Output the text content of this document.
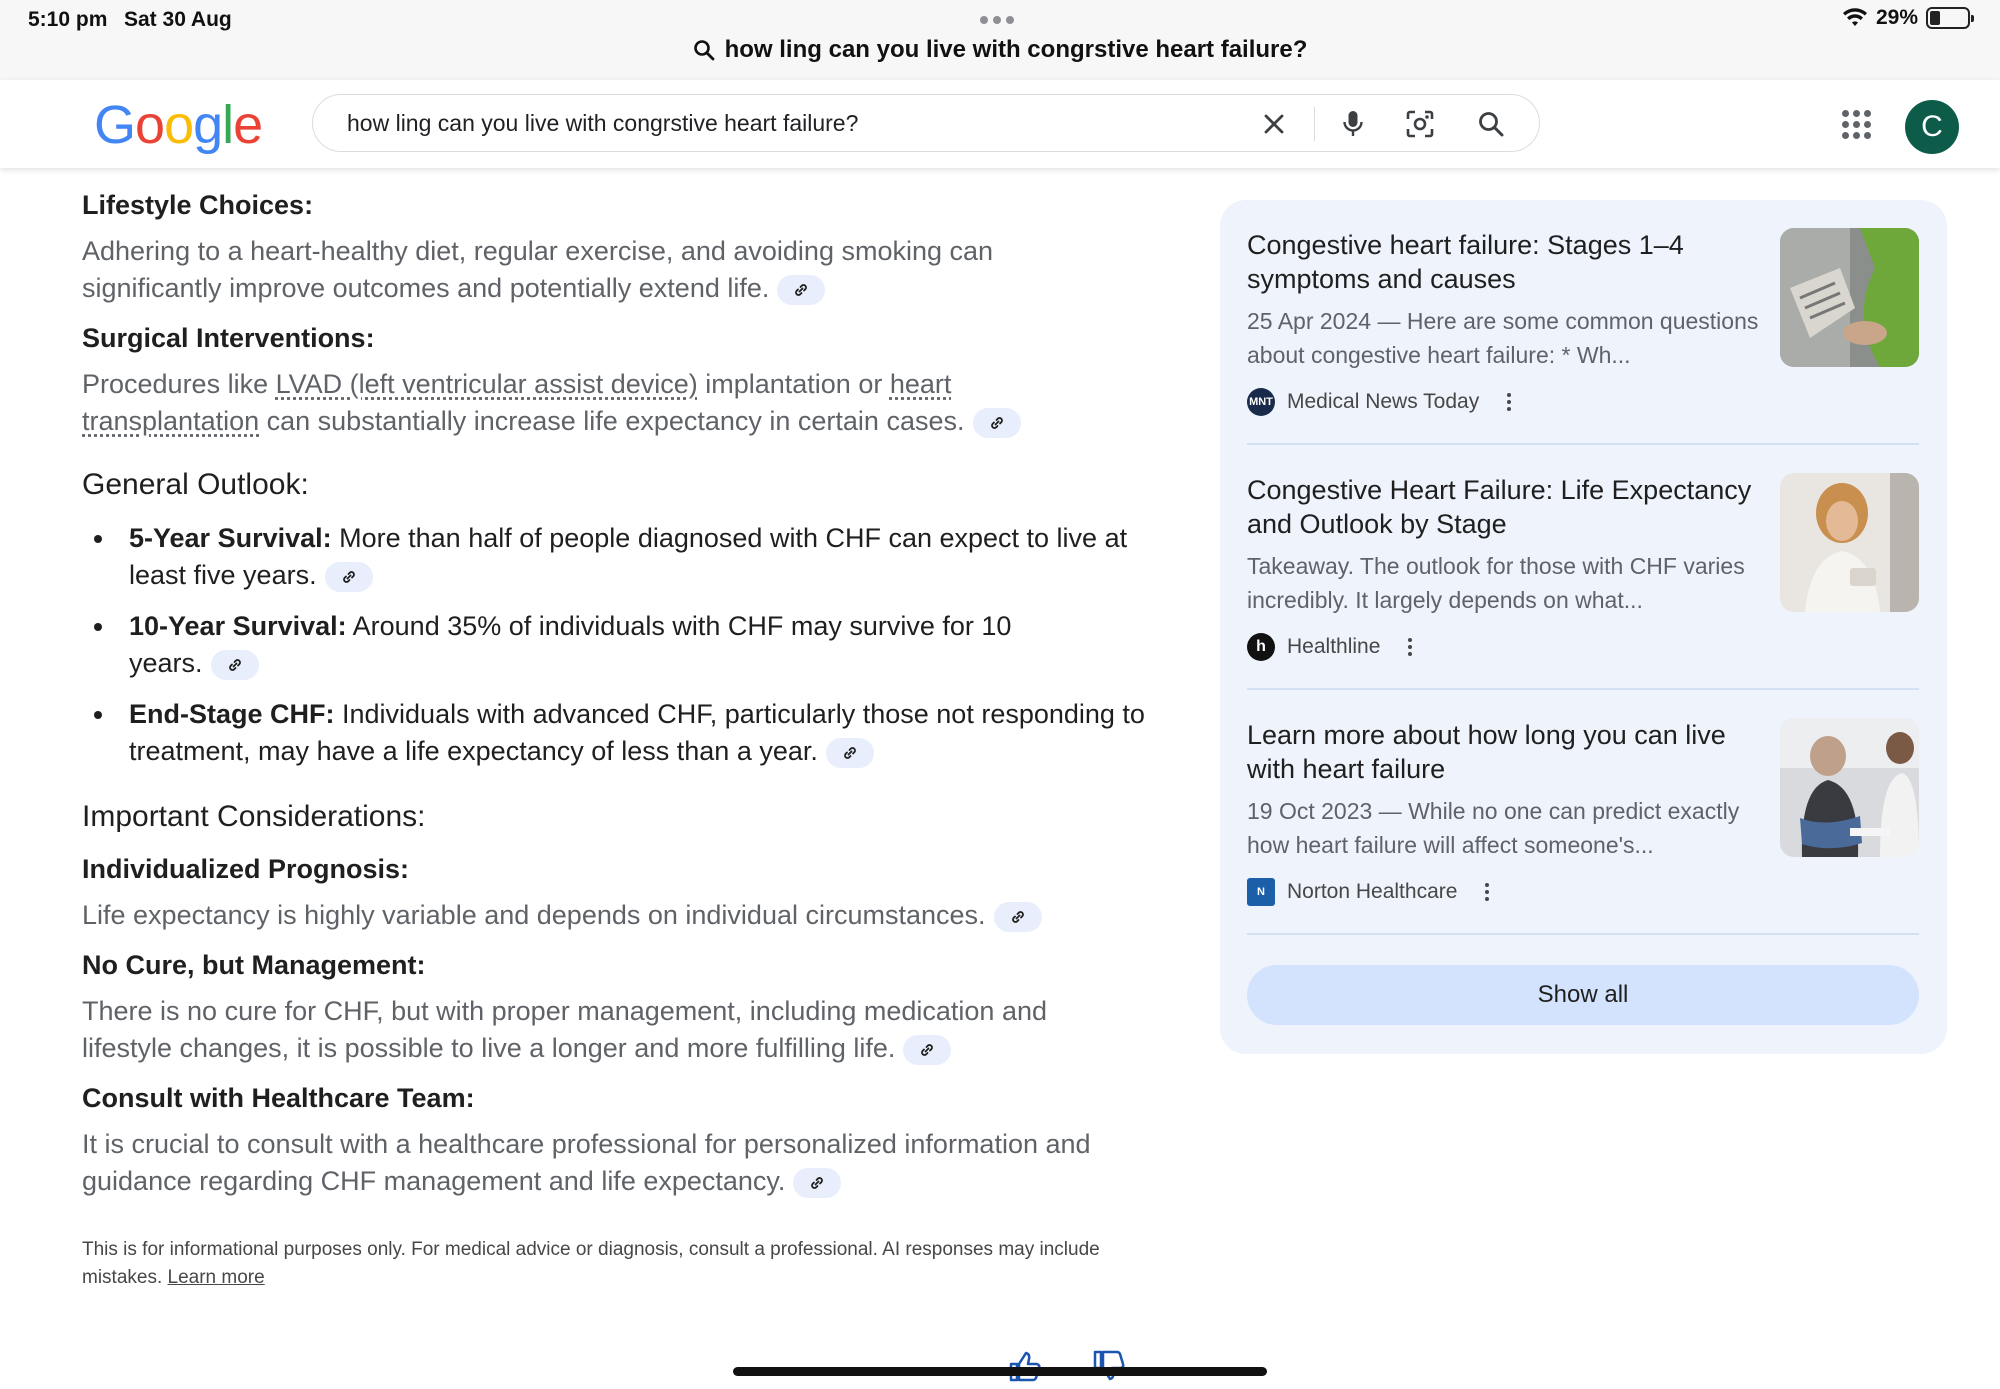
5:10 pm Sat 30 Aug	29%
how ling can you live with congrstive heart failure?
Google	how ling can you live with congrstive heart failure?	C
Lifestyle Choices:
Adhering to a heart-healthy diet, regular exercise, and avoiding smoking can significantly improve outcomes and potentially extend life.
Surgical Interventions:
Procedures like LVAD (left ventricular assist device) implantation or heart transplantation can substantially increase life expectancy in certain cases.
General Outlook:
5-Year Survival: More than half of people diagnosed with CHF can expect to live at least five years.
10-Year Survival: Around 35% of individuals with CHF may survive for 10 years.
End-Stage CHF: Individuals with advanced CHF, particularly those not responding to treatment, may have a life expectancy of less than a year.
Important Considerations:
Individualized Prognosis:
Life expectancy is highly variable and depends on individual circumstances.
No Cure, but Management:
There is no cure for CHF, but with proper management, including medication and lifestyle changes, it is possible to live a longer and more fulfilling life.
Consult with Healthcare Team:
It is crucial to consult with a healthcare professional for personalized information and guidance regarding CHF management and life expectancy.
This is for informational purposes only. For medical advice or diagnosis, consult a professional. AI responses may include mistakes. Learn more
Congestive heart failure: Stages 1–4 symptoms and causes
25 Apr 2024 — Here are some common questions about congestive heart failure: * Wh...
MNT Medical News Today
Congestive Heart Failure: Life Expectancy and Outlook by Stage
Takeaway. The outlook for those with CHF varies incredibly. It largely depends on what...
h	Healthline
Learn more about how long you can live with heart failure
19 Oct 2023 — While no one can predict exactly how heart failure will affect someone's...
N	Norton Healthcare
Show all
